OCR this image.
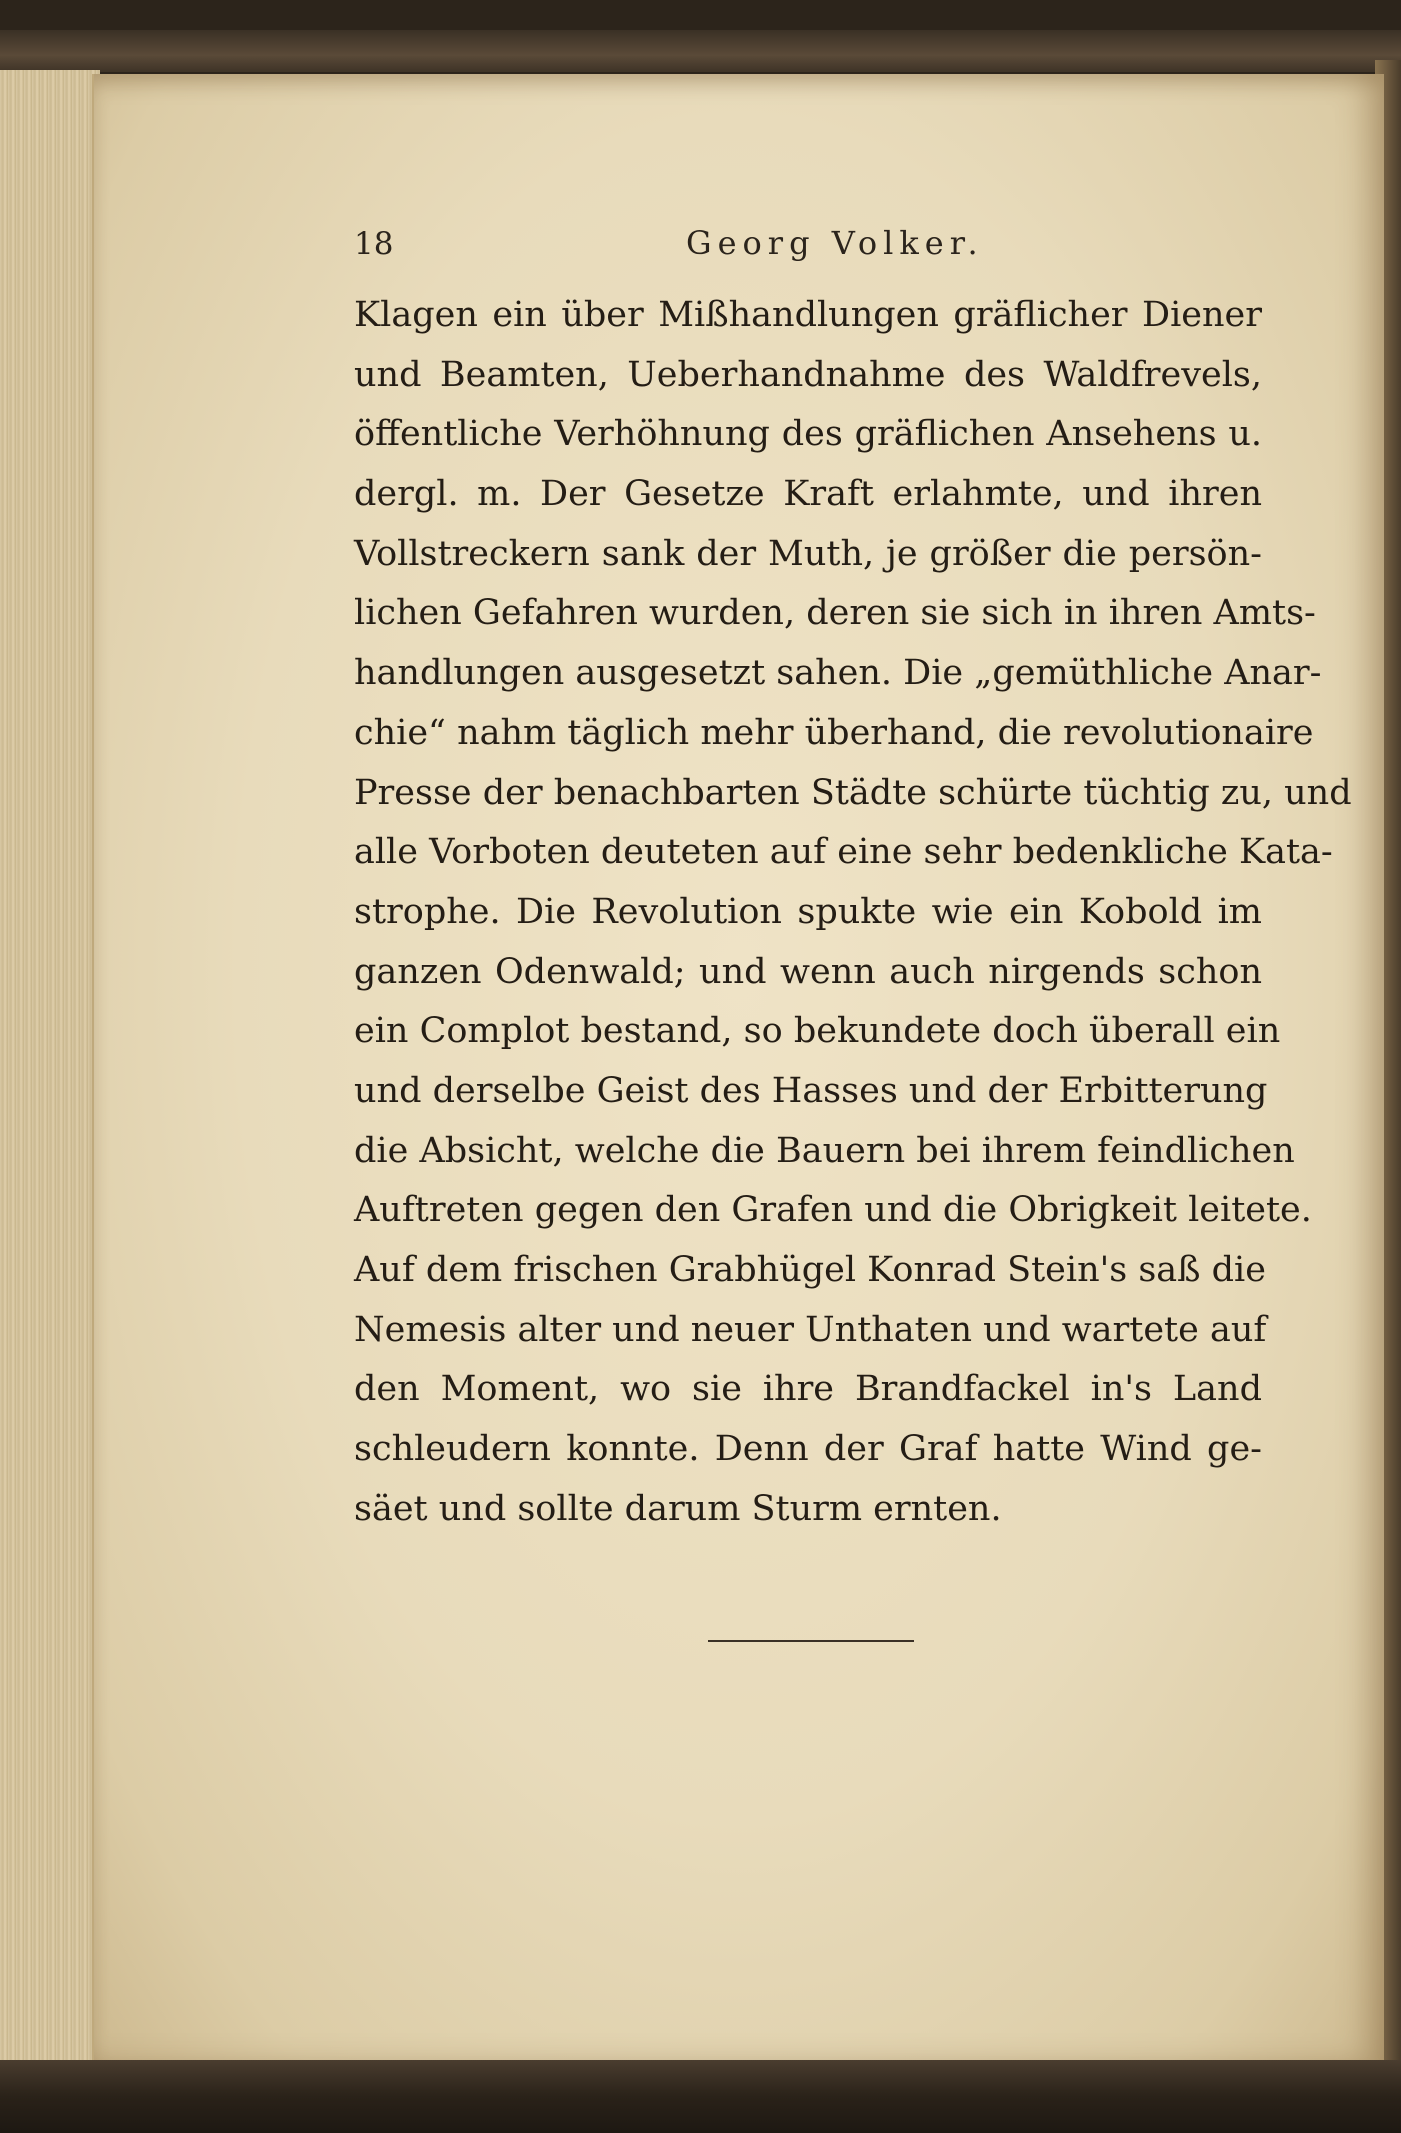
18	Georg Volker.
Klagen ein über Mißhandlungen gräflicher Diener
und Beamten, Ueberhandnahme des Waldfrevels,
öffentliche Verhöhnung des gräflichen Ansehens u.
dergl. m. Der Gesetze Kraft erlahmte, und ihren
Vollstreckern sank der Muth, je größer die persön-
lichen Gefahren wurden, deren sie sich in ihren Amts-
handlungen ausgesetzt sahen. Die „gemüthliche Anar-
chie“ nahm täglich mehr überhand, die revolutionaire
Presse der benachbarten Städte schürte tüchtig zu, und
alle Vorboten deuteten auf eine sehr bedenkliche Kata-
strophe. Die Revolution spukte wie ein Kobold im
ganzen Odenwald; und wenn auch nirgends schon
ein Complot bestand, so bekundete doch überall ein
und derselbe Geist des Hasses und der Erbitterung
die Absicht, welche die Bauern bei ihrem feindlichen
Auftreten gegen den Grafen und die Obrigkeit leitete.
Auf dem frischen Grabhügel Konrad Stein's saß die
Nemesis alter und neuer Unthaten und wartete auf
den Moment, wo sie ihre Brandfackel in's Land
schleudern konnte. Denn der Graf hatte Wind ge-
säet und sollte darum Sturm ernten.
